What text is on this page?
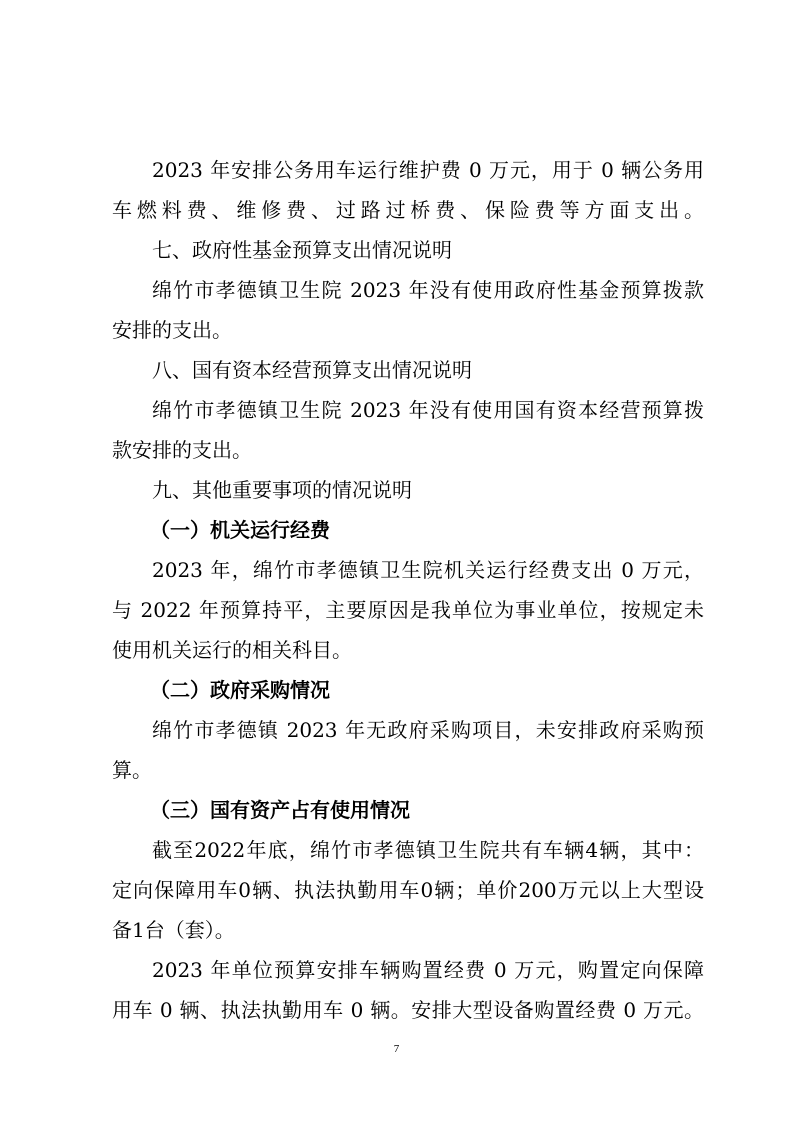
2023 年安排公务用车运行维护费 0 万元，用于 0 辆公务用
车燃料费、维修费、过路过桥费、保险费等方面支出。
七、政府性基金预算支出情况说明
绵竹市孝德镇卫生院 2023 年没有使用政府性基金预算拨款
安排的支出。
八、国有资本经营预算支出情况说明
绵竹市孝德镇卫生院 2023 年没有使用国有资本经营预算拨
款安排的支出。
九、其他重要事项的情况说明
（一）机关运行经费
2023 年，绵竹市孝德镇卫生院机关运行经费支出 0 万元，
与 2022 年预算持平，主要原因是我单位为事业单位，按规定未
使用机关运行的相关科目。
（二）政府采购情况
绵竹市孝德镇 2023 年无政府采购项目，未安排政府采购预
算。
（三）国有资产占有使用情况
截至2022年底，绵竹市孝德镇卫生院共有车辆4辆，其中：
定向保障用车0辆、执法执勤用车0辆；单价200万元以上大型设
备1台（套）。
2023 年单位预算安排车辆购置经费 0 万元，购置定向保障
用车 0 辆、执法执勤用车 0 辆。安排大型设备购置经费 0 万元。
7
